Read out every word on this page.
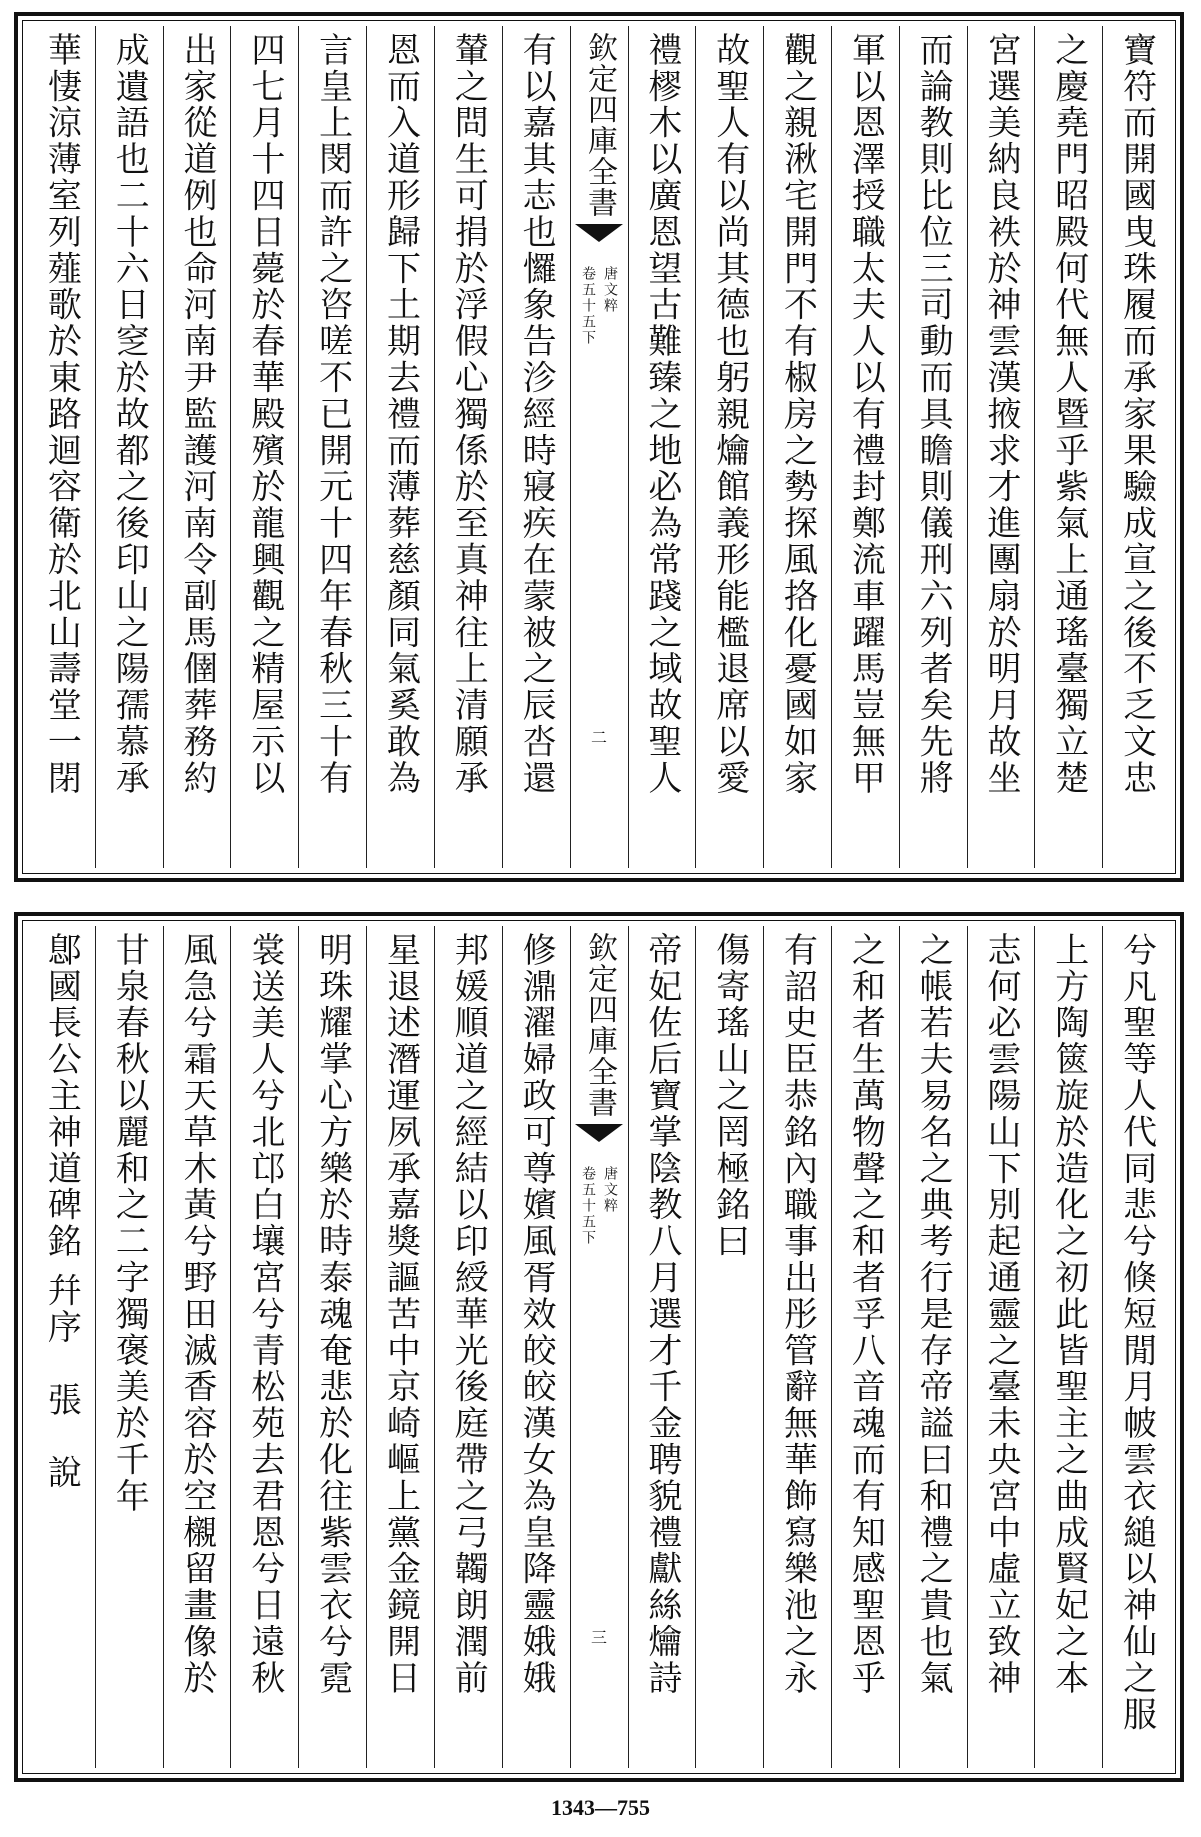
寶符而開國曳珠履而承家果驗成宣之後不乏文忠
之慶堯門昭殿何代無人暨乎紫氣上通瑤臺獨立楚
宮選美納良袟於神雲漢掖求才進團扇於明月故坐
而論教則比位三司動而具瞻則儀刑六列者矣先將
軍以恩澤授職太夫人以有禮封鄭流車躍馬豈無甲
觀之親湫宅開門不有椒房之勢探風挌化憂國如家
故聖人有以尚其德也躬親爚館義形能檻退席以愛
禮樛木以廣恩望古難臻之地必為常踐之域故聖人
欽定四庫全書
唐文粹
卷五十五下
二
有以嘉其志也㦬象告沴經時寢疾在蒙被之辰呇還
輦之問生可捐於浮假心獨係於至真神往上清願承
恩而入道形歸下土期去禮而薄葬慈顏同氣奚敢為
言皇上閔而許之咨嗟不已開元十四年春秋三十有
四七月十四日薨於春華殿殯於龍興觀之精屋示以
出家從道例也命河南尹監護河南令副馬㒁葬務約
成遺語也二十六日窆於故都之後印山之陽孺慕承
華悽涼薄室列薤歌於東路迴容衛於北山壽堂一閉
兮凡聖等人代同悲兮倏短閒月帔雲衣縋以神仙之服
上方陶篋旋於造化之初此皆聖主之曲成賢妃之本
志何必雲陽山下別起通靈之臺未央宮中虛立致神
之帳若夫易名之典考行是存帝謚曰和禮之貴也氣
之和者生萬物聲之和者孚八音魂而有知感聖恩乎
有詔史臣恭銘內職事出彤管辭無華飾寫樂池之永
傷寄瑤山之罔極銘曰
帝妃佐后寶掌陰教八月選才千金聘貌禮獻絲爚詩
欽定四庫全書
唐文粹
卷五十五下
三
修濎濯婦政可尊嬪風胥效皎皎漢女為皇降靈娥娥
邦媛順道之經結以印綬華光後庭帶之弓韣朗潤前
星退述潛運夙承嘉獎謳苦中京崎嶇上黨金鏡開日
明珠耀掌心方樂於時泰魂奄悲於化往紫雲衣兮霓
裳送美人兮北邙白壤宮兮青松苑去君恩兮日遠秋
風急兮霜天草木黃兮野田滅香容於空櫬留畫像於
甘泉春秋以麗和之二字獨褒美於千年
鄎國長公主神道碑銘 幷序　張　說
1343—755
